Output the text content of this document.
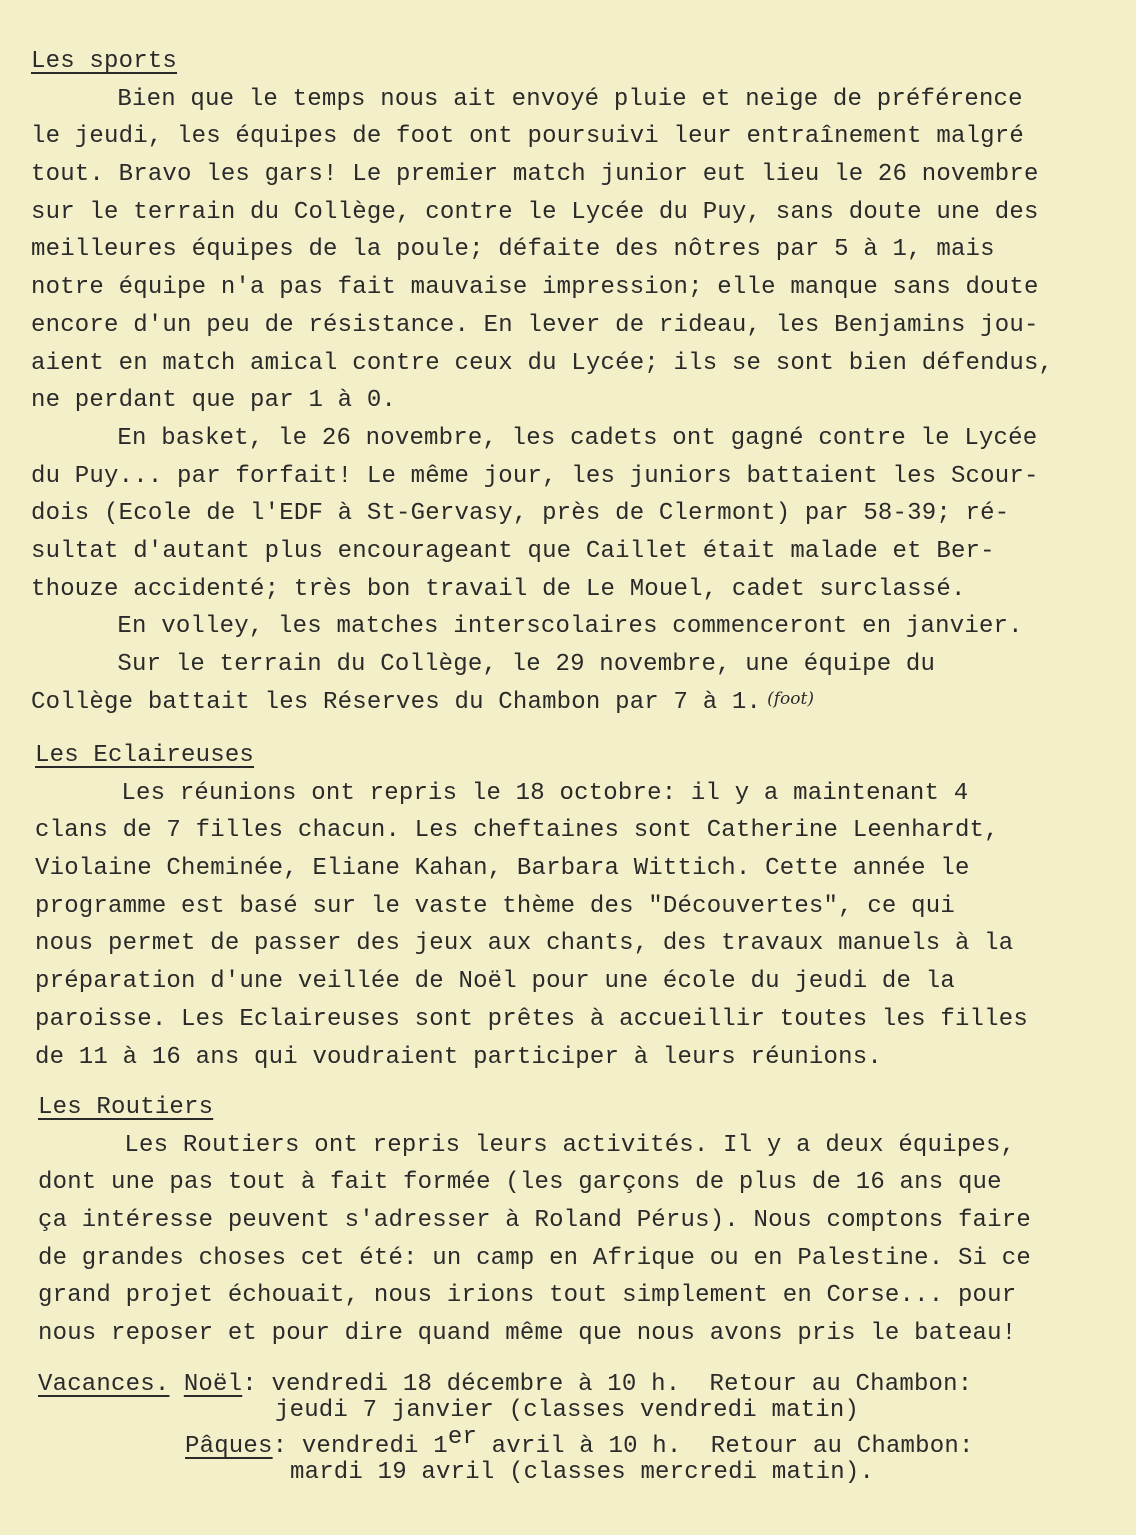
Les sports
Bien que le temps nous ait envoyé pluie et neige de préférence
le jeudi, les équipes de foot ont poursuivi leur entraînement malgré
tout. Bravo les gars! Le premier match junior eut lieu le 26 novembre
sur le terrain du Collège, contre le Lycée du Puy, sans doute une des
meilleures équipes de la poule; défaite des nôtres par 5 à 1, mais
notre équipe n'a pas fait mauvaise impression; elle manque sans doute
encore d'un peu de résistance. En lever de rideau, les Benjamins jou-
aient en match amical contre ceux du Lycée; ils se sont bien défendus,
ne perdant que par 1 à 0.
En basket, le 26 novembre, les cadets ont gagné contre le Lycée
du Puy... par forfait! Le même jour, les juniors battaient les Scour-
dois (Ecole de l'EDF à St-Gervasy, près de Clermont) par 58-39; ré-
sultat d'autant plus encourageant que Caillet était malade et Ber-
thouze accidenté; très bon travail de Le Mouel, cadet surclassé.
En volley, les matches interscolaires commenceront en janvier.
Sur le terrain du Collège, le 29 novembre, une équipe du
Collège battait les Réserves du Chambon par 7 à 1. (foot)
Les Eclaireuses
Les réunions ont repris le 18 octobre: il y a maintenant 4
clans de 7 filles chacun. Les cheftaines sont Catherine Leenhardt,
Violaine Cheminée, Eliane Kahan, Barbara Wittich. Cette année le
programme est basé sur le vaste thème des "Découvertes", ce qui
nous permet de passer des jeux aux chants, des travaux manuels à la
préparation d'une veillée de Noël pour une école du jeudi de la
paroisse. Les Eclaireuses sont prêtes à accueillir toutes les filles
de 11 à 16 ans qui voudraient participer à leurs réunions.
Les Routiers
Les Routiers ont repris leurs activités. Il y a deux équipes,
dont une pas tout à fait formée (les garçons de plus de 16 ans que
ça intéresse peuvent s'adresser à Roland Pérus). Nous comptons faire
de grandes choses cet été: un camp en Afrique ou en Palestine. Si ce
grand projet échouait, nous irions tout simplement en Corse... pour
nous reposer et pour dire quand même que nous avons pris le bateau!
Vacances. Noël : vendredi 18 décembre à 10 h.  Retour au Chambon:
jeudi 7 janvier (classes vendredi matin)
Pâques : vendredi 1 er avril à 10 h.  Retour au Chambon:
mardi 19 avril (classes mercredi matin).
